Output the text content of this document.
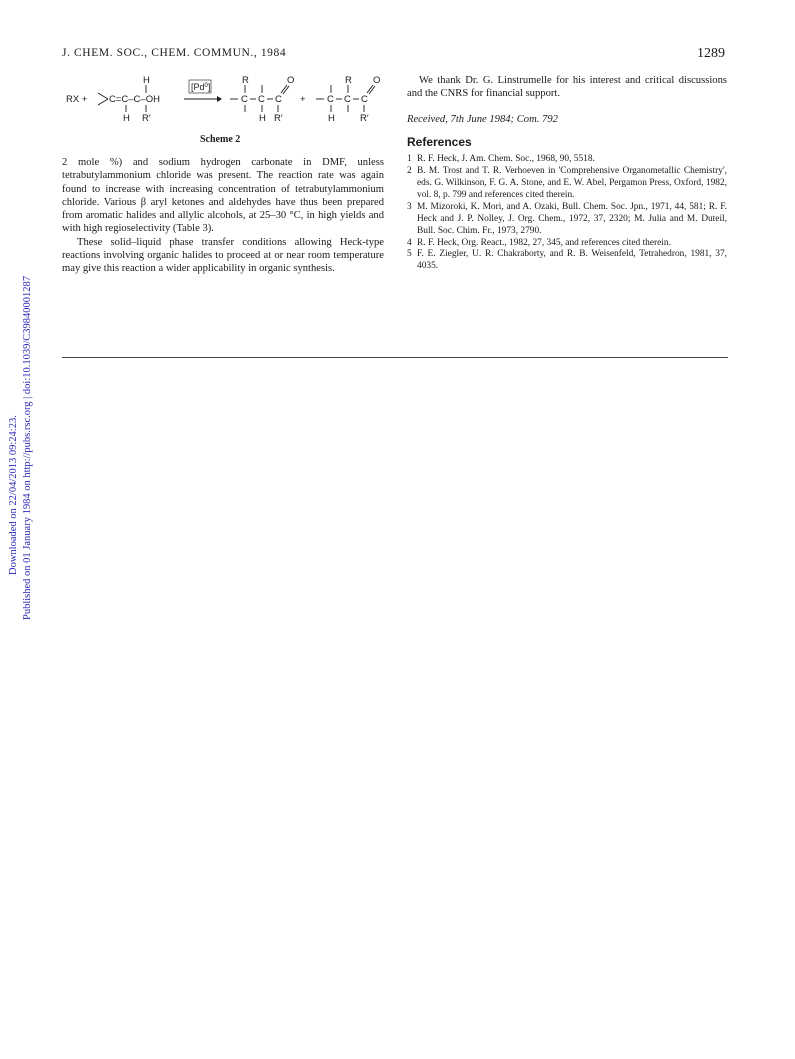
J. CHEM. SOC., CHEM. COMMUN., 1984	1289
RX + C=C–C–OH
H
H R′
[Pd$^0$]
R
C C C
O
H R′
+
R
C C C
O
H	R′
Scheme 2

2 mole %) and sodium hydrogen carbonate in DMF, unless tetrabutylammonium chloride was present. The reaction rate was again found to increase with increasing concentration of tetrabutylammonium chloride. Various β aryl ketones and aldehydes have thus been prepared from aromatic halides and allylic alcohols, at 25–30 °C, in high yields and with high regioselectivity (Table 3).

These solid–liquid phase transfer conditions allowing Heck-type reactions involving organic halides to proceed at or near room temperature may give this reaction a wider applicability in organic synthesis.

We thank Dr. G. Linstrumelle for his interest and critical discussions and the CNRS for financial support.

Received, 7th June 1984; Com. 792

References
1 R. F. Heck, J. Am. Chem. Soc., 1968, 90, 5518.
2 B. M. Trost and T. R. Verhoeven in 'Comprehensive Organometallic Chemistry', eds. G. Wilkinson, F. G. A. Stone, and E. W. Abel, Pergamon Press, Oxford, 1982, vol. 8, p. 799 and references cited therein.
3 M. Mizoroki, K. Mori, and A. Ozaki, Bull. Chem. Soc. Jpn., 1971, 44, 581; R. F. Heck and J. P. Nolley, J. Org. Chem., 1972, 37, 2320; M. Julia and M. Duteil, Bull. Soc. Chim. Fr., 1973, 2790.
4 R. F. Heck, Org. React., 1982, 27, 345, and references cited therein.
5 F. E. Ziegler, U. R. Chakraborty, and R. B. Weisenfeld, Tetrahedron, 1981, 37, 4035.
Downloaded on 22/04/2013 09:24:23. Published on 01 January 1984 on http://pubs.rsc.org | doi:10.1039/C39840001287
